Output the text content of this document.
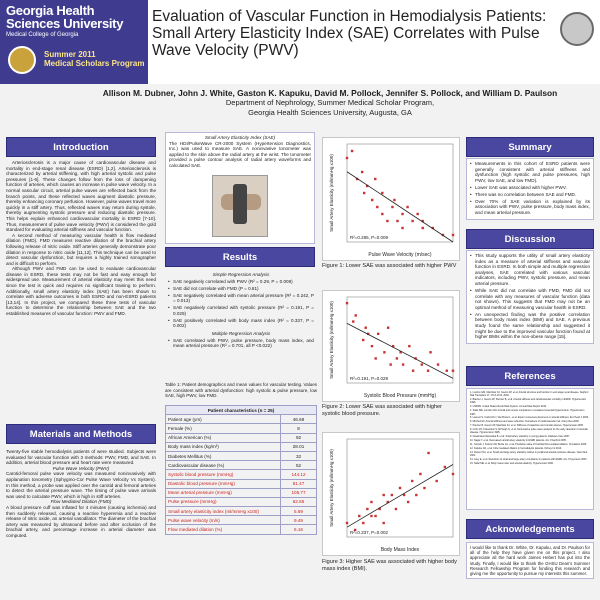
Georgia Health
Sciences University
Medical College of Georgia
Summer 2011
Medical Scholars Program
Evaluation of Vascular Function in Hemodialysis Patients: Small Artery Elasticity Index (SAE) Correlates with Pulse Wave Velocity (PWV)
Allison M. Dubner, John J. White, Gaston K. Kapuku, David M. Pollock, Jennifer S. Pollock, and William D. Paulson
Department of Nephrology, Summer Medical Scholar Program,
Georgia Health Sciences University, Augusta, GA
Introduction

Arteriosclerosis is a major cause of cardiovascular disease and mortality in end-stage renal disease (ESRD) [1,2]. Arteriosclerosis is characterized by arterial stiffening, with high arterial systolic and pulse pressures [1-6]. These changes follow from the loss of dampening function of arteries, which causes an increase in pulse wave velocity. In a normal vascular circuit, arterial pulse waves are reflected back from the branch points, and these reflected waves augment diastolic pressure, thereby enhancing coronary perfusion. However, pulse waves travel more quickly in a stiff artery. Thus, reflected waves may return during systole, thereby augmenting systolic pressure and reducing diastolic pressure. This helps explain enhanced cardiovascular mortality in ESRD [7-10]. Thus, measurement of pulse wave velocity (PWV) is considered the gold standard for evaluating arterial stiffness and vascular function.

A second method of measuring vascular health is flow mediated dilation (FMD). FMD measures reactive dilation of the brachial artery following release of nitric oxide. Stiff arteries generally demonstrate poor dilation in response to nitric oxide [11,12]. This technique can be used to detect vascular dysfunction, but requires a highly trained sonographer and is difficult to perform.

Although PWV and FMD can be used to evaluate cardiovascular disease in ESRD, these tests may not be fast and easy enough for widespread use. Measurement of arterial elasticity may meet this need since the test is quick and requires no significant training to perform. Additionally, small artery elasticity index (SAE) has been shown to correlate with adverse outcomes in both ESRD and non-ESRD patients [13,14]. In this project, we compared these three tests of vascular function to determine the relationship between SAE and the two established measures of vascular function: PWV and FMD.

Materials and Methods

Twenty-five stable hemodialysis patients of were studied. Subjects were evaluated for vascular function with 3 methods: PWV, FMD, and SAE. In addition, arterial blood pressure and heart rate were measured.

Pulse Wave Velocity (PWV)

Carotid-femoral pulse wave velocity was measured noninvasively with applanation tonometry (Sphygmo-Cor Pulse Wave Velocity Vx System). In this method, a probe was applied over the carotid and femoral arteries to detect the arterial pressure wave. The timing of pulse wave arrivals was used to calculate PWV, which is high in stiff arteries.

Flow Mediated Dilation (FMD)

A blood pressure cuff was inflated for 4 minutes (causing ischemia) and then suddenly released, causing a reactive hyperemia and a reactive release of nitric oxide, an arterial vasodilator. The diameter of the brachial artery was measured by ultrasound before and after occlusion of the brachial artery, and percentage increase in arterial diameter was computed.

Small Artery Elasticity Index (SAE)
The HDI/PulseWave CR-2000 System (Hypertension Diagnostics, Inc.) was used to measure SAE. A noninvasive tonometer was applied to the skin above the radial artery at the wrist. The tonometer provided a pulse contour analysis of radial artery waveforms and calculated SAE.
Results
Simple Regression Analysis
• SAE negatively correlated with PWV (R² = 0.29, P = 0.009)
• SAE did not correlate with FMD (P = 0.81)
• SAE negatively correlated with mean arterial pressure (R² = 0.242, P = 0.013)
• SAE negatively correlated with systolic pressure (R² = 0.191, P = 0.029)
• SAE positively correlated with body mass index (R² = 0.337, P = 0.002)
Multiple Regression Analysis
• SAE correlated with PWV, pulse pressure, body mass index, and mean arterial pressure (R² = 0.701, all P <0.022)
Table 1: Patient demographics and mean values for vascular testing. Values are consistent with arterial dysfunction: high systolic & pulse pressure, low SAE, high PWV, low FMD.
Patient characteristics (n = 25)	
Patient age (yrs)	46.68
Female (%)	8
African American (%)	92
Body mass index (kg/m²)	28.01
Diabetes Mellitus (%)	32
Cardiovascular disease (%)	52
Systolic blood pressure (mmHg)	144.12
Diastolic blood pressure (mmHg)	81.47
Mean arterial pressure (mmHg)	105.77
Pulse pressure (mmHg)	62.65
Small artery elasticity index (ml/mmHg x100)	5.69
Pulse wave velocity (m/s)	9.49
Flow mediated dilation (%)	6.16
R²=0.285, P=0.009
Pulse Wave Velocity (m/sec)
Small Artery Elasticity (ml/mmHg x100)
Figure 1: Lower SAE was associated with higher PWV
R²=0.191, P=0.029
Systolic Blood Pressure (mmHg)
Small Artery Elasticity (ml/mmHg x100)
Figure 2: Lower SAE was associated with higher systolic blood pressure.
R²=0.337, P=0.002
Body Mass Index
Small Artery Elasticity (ml/mmHg x100)
Figure 3: Higher SAE was associated with higher body mass index (BMI).
Summary
• Measurements in this cohort of ESRD patients were generally consistent with arterial stiffness and dysfunction (high systolic and pulse pressures, high PWV, low SAE, and low FMD).
• Lower SAE was associated with higher PWV.
• There was no correlation between SAE and FMD.
• Over 70% of SAE variation is explained by its association with PWV, pulse pressure, body mass index, and mean arterial pressure.
Discussion
• This study supports the utility of small artery elasticity index as a measure of arterial stiffness and vascular function in ESRD. In both simple and multiple regression analyses, SAE correlated with various vascular indicators, including PWV, systolic pressure, and mean arterial pressure.
• While SAE did not correlate with FMD, FMD did not correlate with any measures of vascular function (data not shown). This suggests that FMD may not be an optimal method of measuring vascular health in ESRD.
• An unexpected finding was the positive correlation between body mass index (BMI) and SAE. A previous study found the same relationship and suggested it might be due to the improved vascular function found at higher BMIs within the non-obese range [15].
References
1. London GM, Marchais SJ, Guerin AP, et al. Arterial structure and function in end-stage renal disease. Nephrol Dial Transplant 17: 1713-1724, 2002.
2. Blacher J, Guerin AP, Pannier B, et al. Arterial stiffness and cardiovascular mortality in ESRD. Hypertension 1999.
3. USRDS: United States Renal Data System. Annual Data Report 2010.
4. Safar ME, London GM. Arterial and venous compliance in sustained essential hypertension. Hypertension 1987.
5. Laurent S, Cockcroft J, Van Bortel L, et al. Expert consensus document on arterial stiffness. Eur Heart J 2006.
6. Mitchell GF. Arterial stiffness and wave reflection: biomarkers of cardiovascular risk. Artery Res 2009.
7. Pannier B, Guerin AP, Marchais SJ, et al. Stiffness of capacitive and conduit arteries. Hypertension 2005.
8. Cohn JN, Finkelstein S, McVeigh G, et al. Noninvasive pulse wave analysis for the early detection of vascular disease. Hypertension 1995.
9. Glowinska-Olszewska B, et al. Small artery elasticity in young patients. Diabetes Care 2007.
10. Nagai Y, et al. Decreased carotid artery elasticity in ESRD patients. Am J Nephrol 2005.
11. Yeboah J, Folsom AR, Burke GL, et al. Predictive value of brachial flow-mediated dilation. Circulation 2009.
12. Kapuku GK, et al. Flow mediated dilation in hemodialysis patients. Kidney Int 2010.
13. Duprez DA, et al. Small and large artery elasticity indices in peripheral arterial occlusive disease. Vasc Med 2001.
14. Grey E, et al. Reduction of small and large artery compliance in patients with ESRD. Am J Hypertens 2003.
15. Safar ME, et al. Body mass index and arterial elasticity. Hypertension 2006.
Acknowledgements
I would like to thank Dr. White, Dr. Kapuku, and Dr. Paulson for all of the help they have given me on this project. I also appreciate all the hard work James Hebert has put into the study. Finally, I would like to thank the GHSU Dean's Summer Research Fellowship Program for funding this research and giving me the opportunity to pursue my interests this summer.
